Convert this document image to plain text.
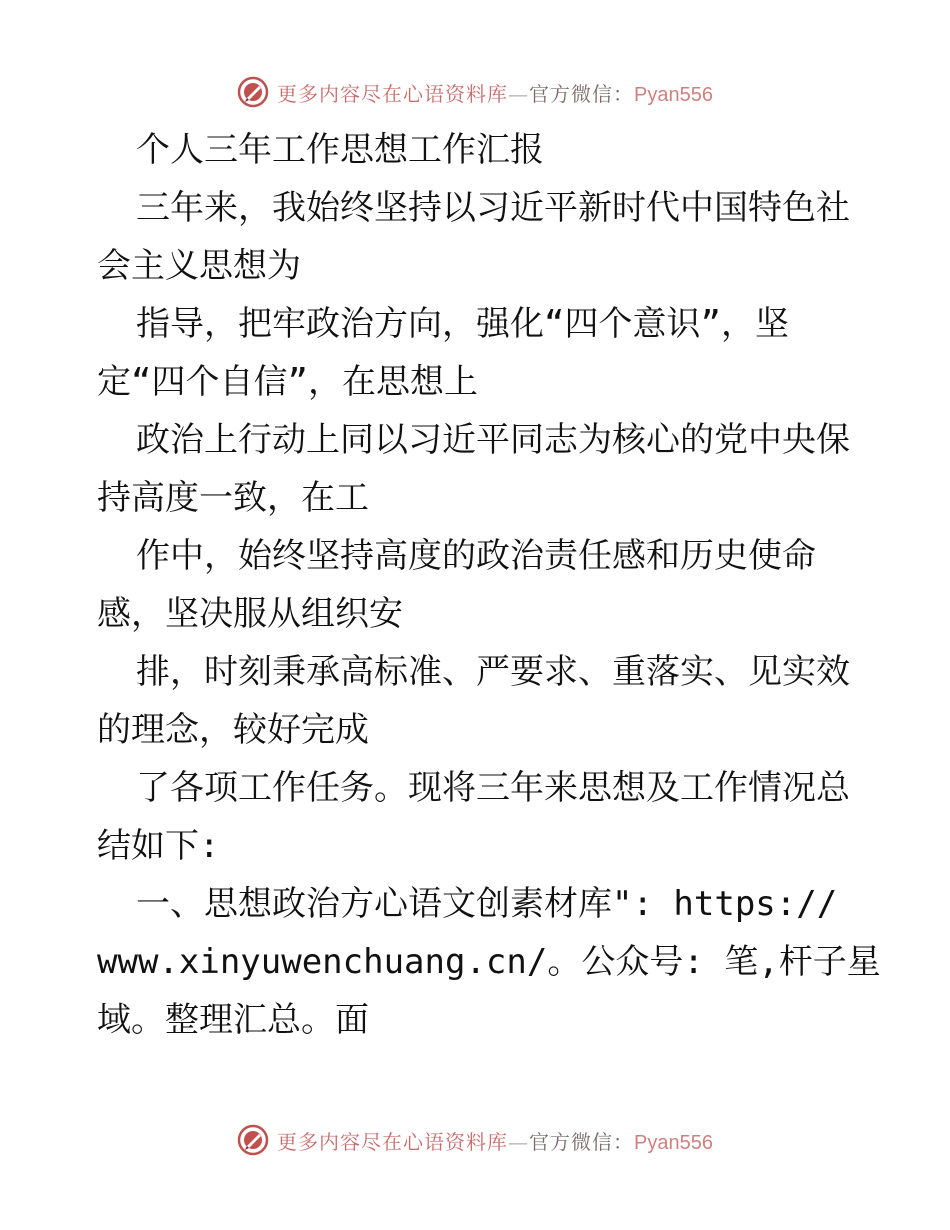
更多内容尽在心语资料库—官方微信：Pyan556
个人三年工作思想工作汇报
三年来，我始终坚持以习近平新时代中国特色社
会主义思想为
指导，把牢政治方向，强化“四个意识”，坚
定“四个自信”，在思想上
政治上行动上同以习近平同志为核心的党中央保
持高度一致，在工
作中，始终坚持高度的政治责任感和历史使命
感，坚决服从组织安
排，时刻秉承高标准、严要求、重落实、见实效
的理念，较好完成
了各项工作任务。现将三年来思想及工作情况总
结如下:
一、思想政治方心语文创素材库": https://
www.xinyuwenchuang.cn/。公众号: 笔,杆子星
域。整理汇总。面
更多内容尽在心语资料库—官方微信：Pyan556
